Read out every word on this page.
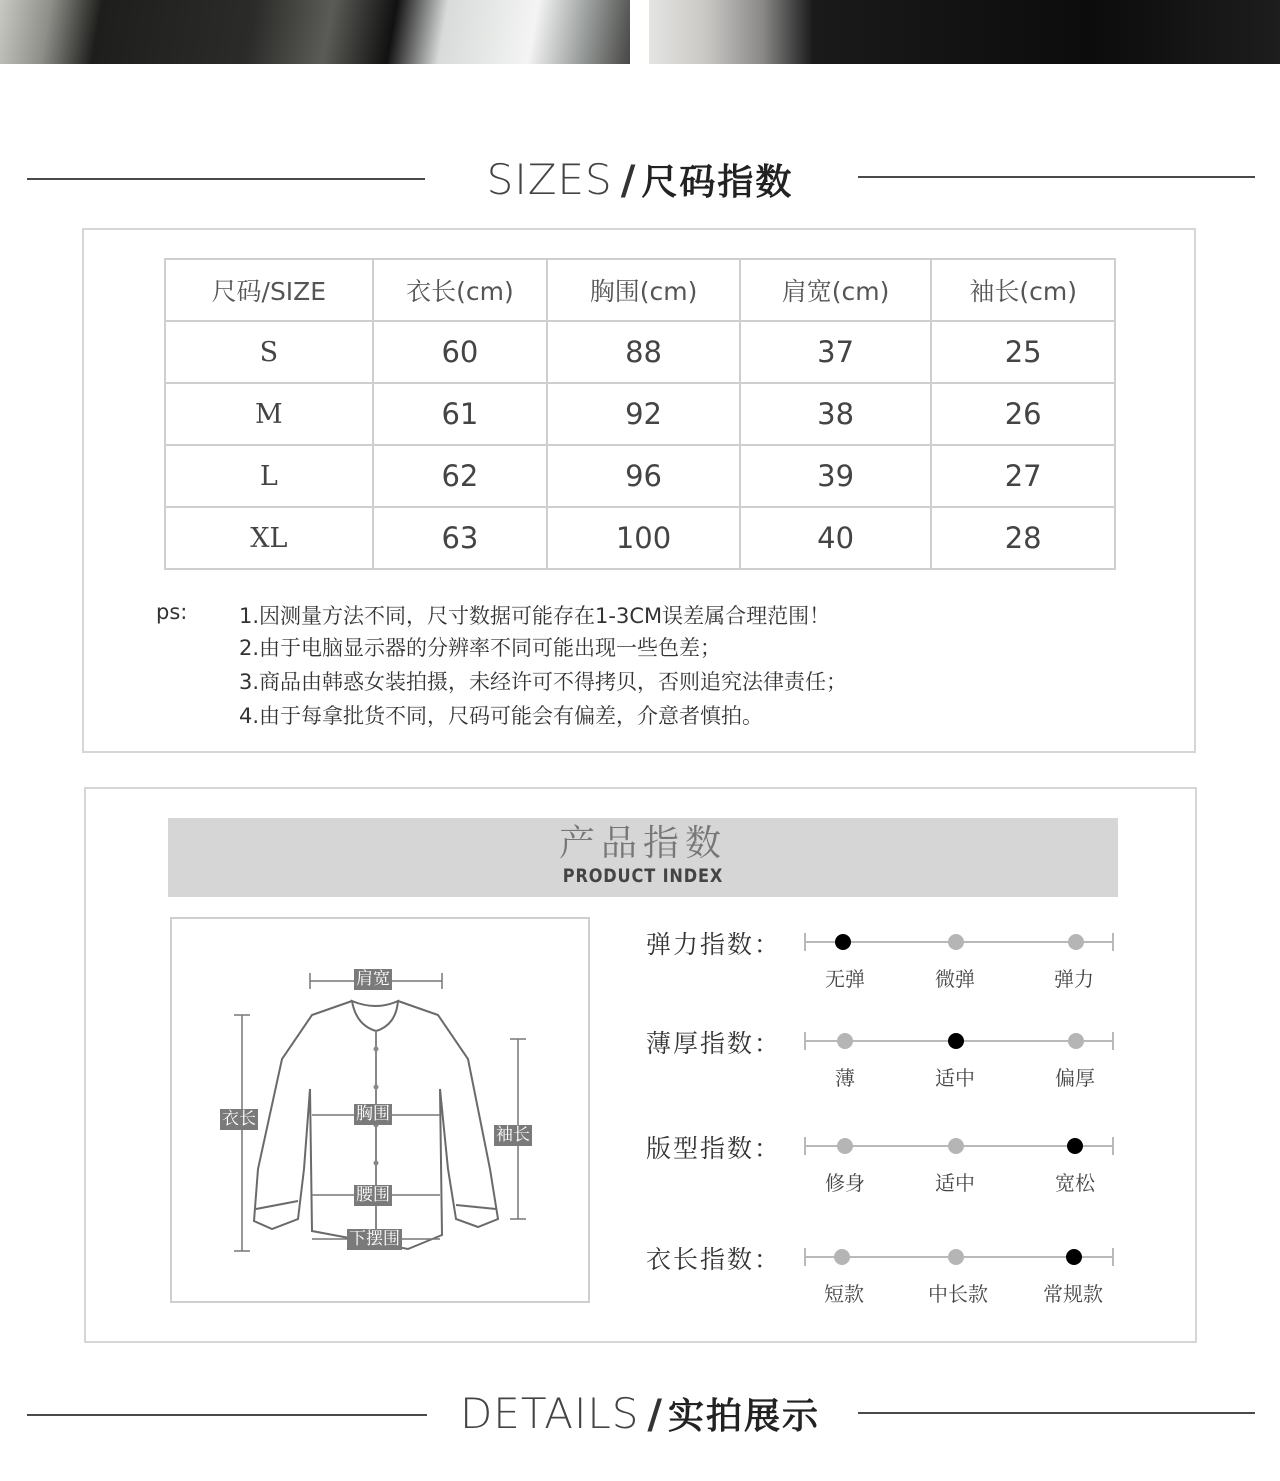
SIZES / 尺码指数
尺码/SIZE	衣长(cm)	胸围(cm)	肩宽(cm)	袖长(cm)
S	60	88	37	25
M	61	92	38	26
L	62	96	39	27
XL	63	100	40	28
ps: 1.因测量方法不同，尺寸数据可能存在1-3CM误差属合理范围！
2.由于电脑显示器的分辨率不同可能出现一些色差；
3.商品由韩惑女装拍摄，未经许可不得拷贝，否则追究法律责任；
4.由于每拿批货不同，尺码可能会有偏差，介意者慎拍。
产品指数
PRODUCT INDEX
肩宽
衣长	胸围
袖长
腰围
下摆围
弹力指数：
无弹	微弹	弹力
薄厚指数：
薄	适中	偏厚
版型指数：
修身	适中	宽松
衣长指数：
短款	中长款	常规款
DETAILS / 实拍展示
